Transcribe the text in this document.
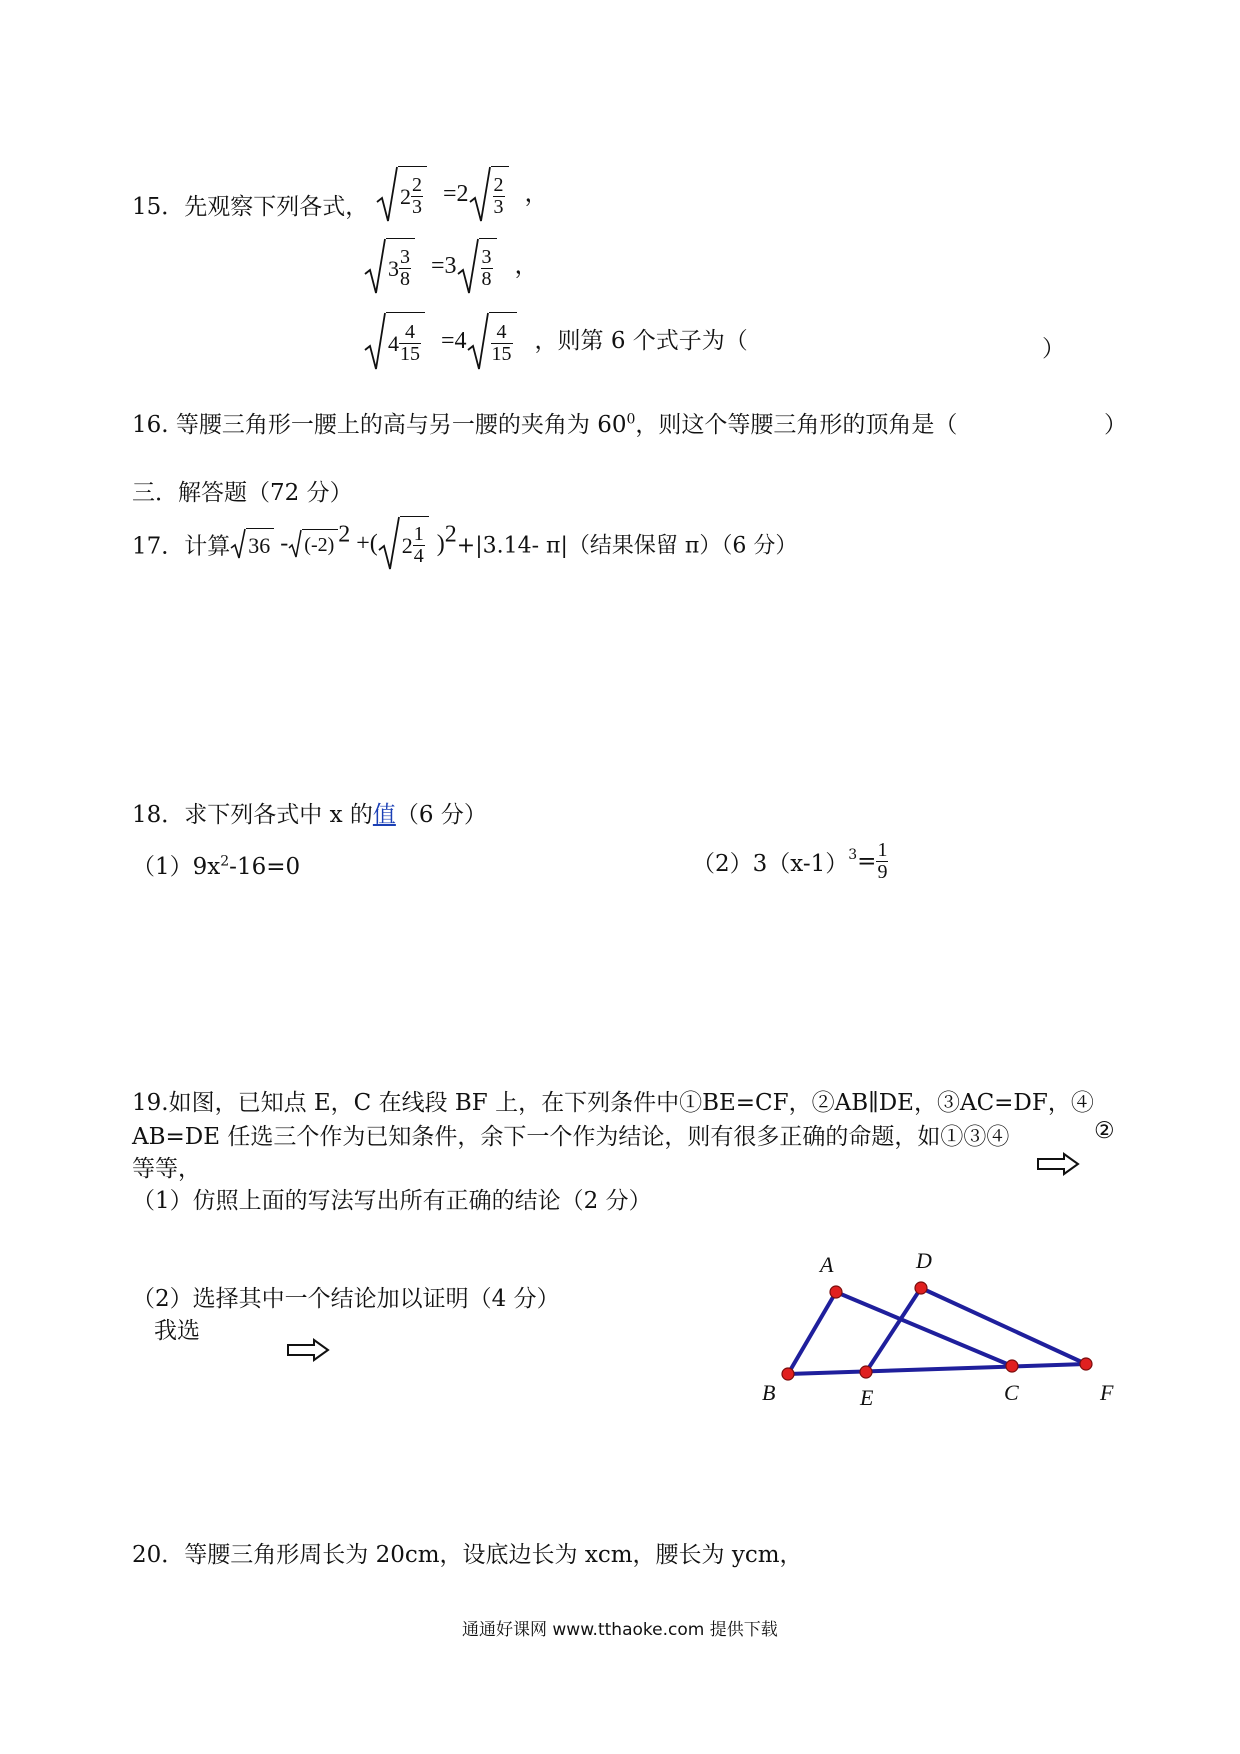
15．先观察下列各式， $2 \frac{2}{3} =2 \frac{2}{3}$ ，
$3 \frac{3}{8} =3 \frac{3}{8}$ ，
$4 \frac{4}{15} =4 \frac{4}{15}$ ，则第 6 个式子为（	）
16. 等腰三角形一腰上的高与另一腰的夹角为 $60^0$，则这个等腰三角形的顶角是（	）
三．解答题（72 分）
17．计算 36 - (-2) $^2$ +( $2 \frac{1}{4} )^2+|3.14-$ π|（结果保留 π）（6 分）
18．求下列各式中 x 的值（6 分）
$(1)9x^2-16=0$	$(2)3(x-1)^3= \frac{1}{9}$
19.如图，已知点 E，C 在线段 BF 上，在下列条件中①BE=CF，②AB∥DE，③AC=DF，④
AB=DE 任选三个作为已知条件，余下一个作为结论，则有很多正确的命题，如①③④	②
等等，
（1）仿照上面的写法写出所有正确的结论（2 分）
（2）选择其中一个结论加以证明（4 分）
我选
A	D
B	E	C	F
20．等腰三角形周长为 20cm，设底边长为 xcm，腰长为 ycm，
通通好课网 www.tthaoke.com 提供下载
